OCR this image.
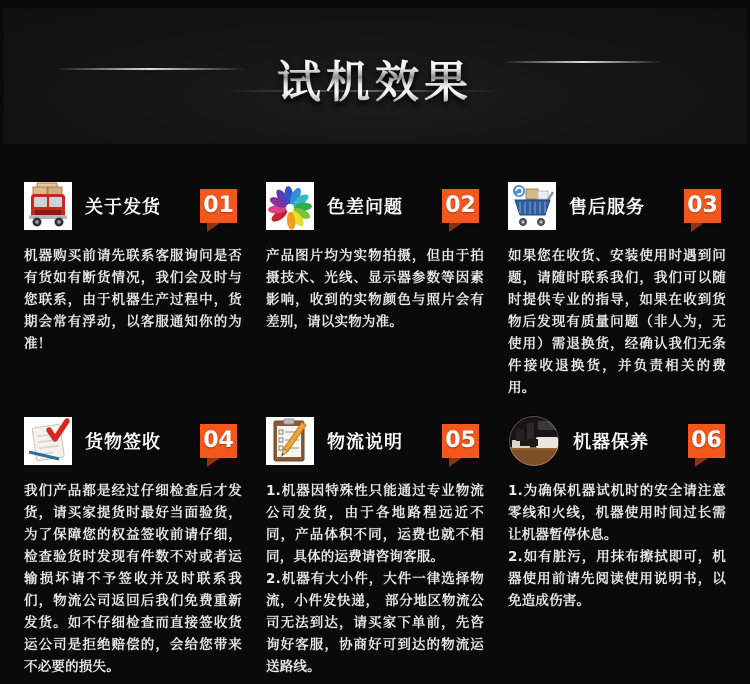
试机效果
关于发货 01

机器购买前请先联系客服询问是否有货如有断货情况，我们会及时与您联系，由于机器生产过程中，货期会常有浮动，以客服通知你的为准！

色差问题 02

产品图片均为实物拍摄，但由于拍摄技术、光线、显示器参数等因素影响，收到的实物颜色与照片会有差别，请以实物为准。

售后服务 03

如果您在收货、安装使用时遇到问题，请随时联系我们，我们可以随时提供专业的指导，如果在收到货物后发现有质量问题（非人为，无使用）需退换货，经确认我们无条件接收退换货，并负责相关的费用。

货物签收 04

我们产品都是经过仔细检查后才发货，请买家提货时最好当面验货，为了保障您的权益签收前请仔细，检查验货时发现有件数不对或者运输损坏请不予签收并及时联系我们，物流公司返回后我们免费重新发货。如不仔细检查而直接签收货运公司是拒绝赔偿的，会给您带来不必要的损失。

物流说明 05

1.机器因特殊性只能通过专业物流公司发货，由于各地路程远近不同，产品体积不同，运费也就不相同，具体的运费请咨询客服。

2.机器有大小件，大件一律选择物流，小件发快递， 部分地区物流公司无法到达，请买家下单前，先咨询好客服，协商好可到达的物流运送路线。

机器保养 06

1.为确保机器试机时的安全请注意零线和火线，机器使用时间过长需让机器暂停休息。

2.如有脏污，用抹布擦拭即可，机器使用前请先阅读使用说明书，以免造成伤害。
